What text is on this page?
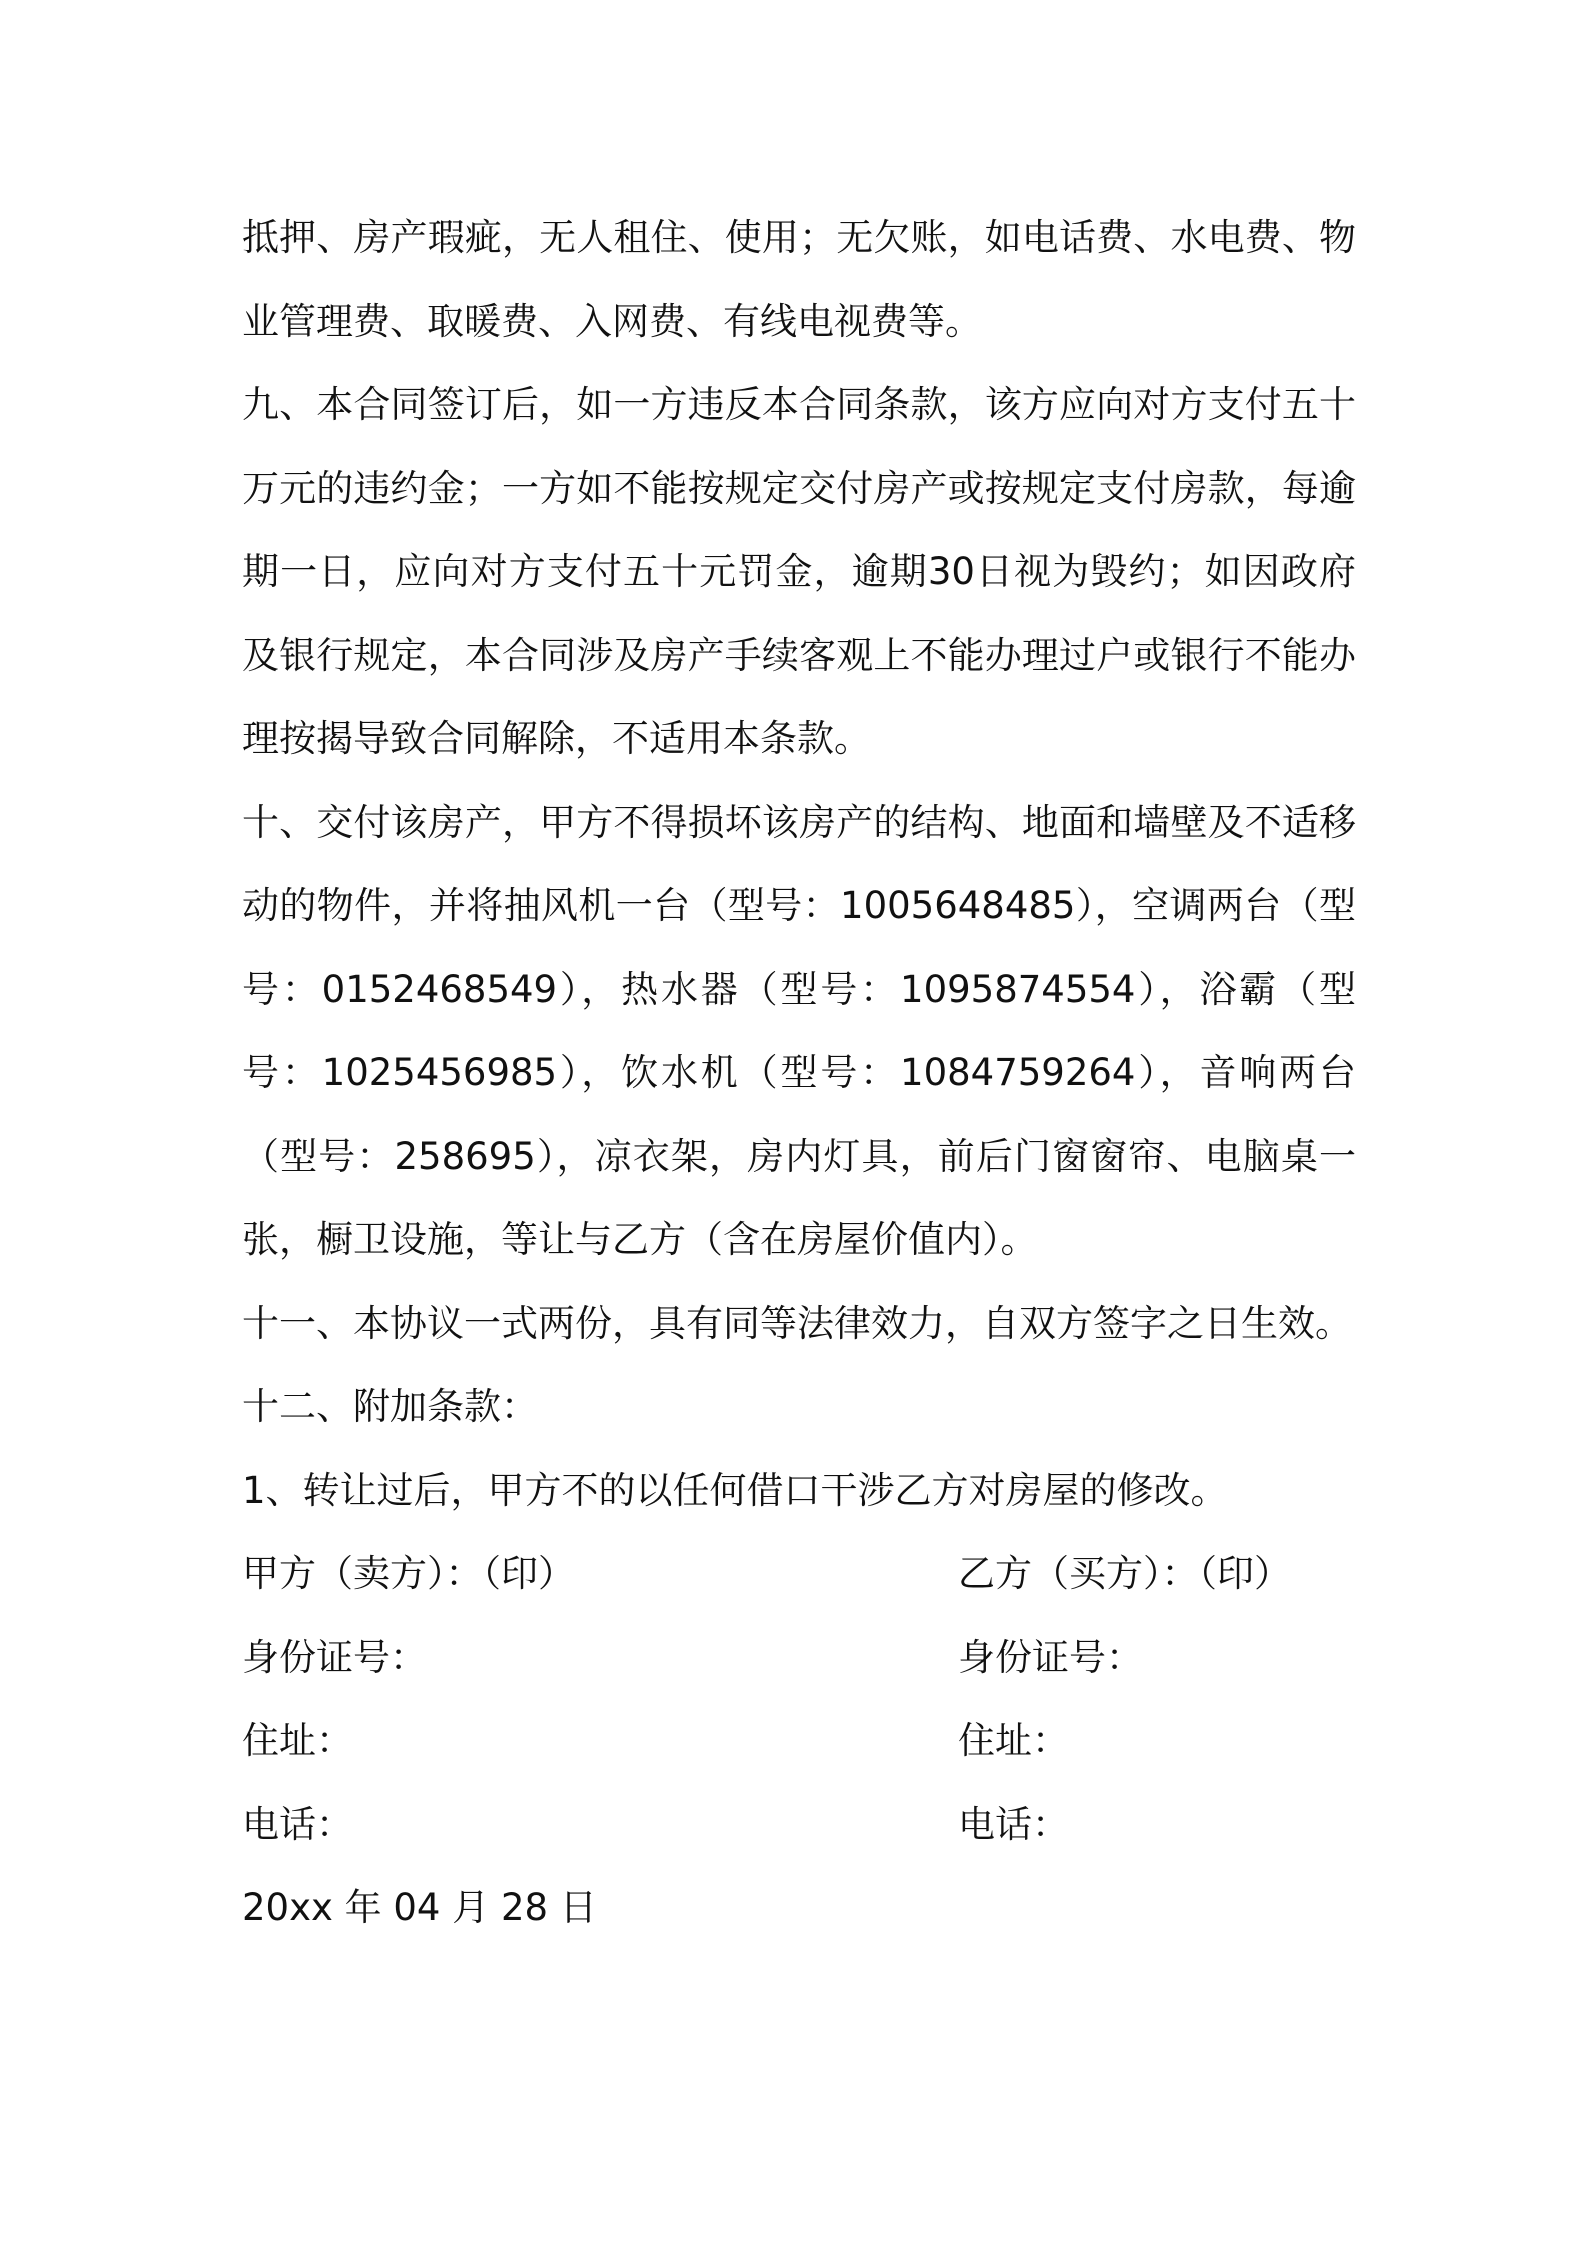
抵押、房产瑕疵，无人租住、使用；无欠账，如电话费、水电费、物业管理费、取暖费、入网费、有线电视费等。

九、本合同签订后，如一方违反本合同条款，该方应向对方支付五十万元的违约金；一方如不能按规定交付房产或按规定支付房款，每逾期一日，应向对方支付五十元罚金，逾期30日视为毁约；如因政府及银行规定，本合同涉及房产手续客观上不能办理过户或银行不能办理按揭导致合同解除，不适用本条款。

十、交付该房产，甲方不得损坏该房产的结构、地面和墙壁及不适移动的物件，并将抽风机一台（型号：1005648485），空调两台（型号：0152468549），热水器（型号：1095874554），浴霸（型号：1025456985），饮水机（型号：1084759264），音响两台（型号：258695），凉衣架，房内灯具，前后门窗窗帘、电脑桌一张，橱卫设施，等让与乙方（含在房屋价值内）。

十一、本协议一式两份，具有同等法律效力，自双方签字之日生效。

十二、附加条款：

1、转让过后，甲方不的以任何借口干涉乙方对房屋的修改。

甲方（卖方）：（印）	乙方（买方）：（印）
身份证号：	身份证号：
住址：	住址：
电话：	电话：
20xx 年 04 月 28 日
